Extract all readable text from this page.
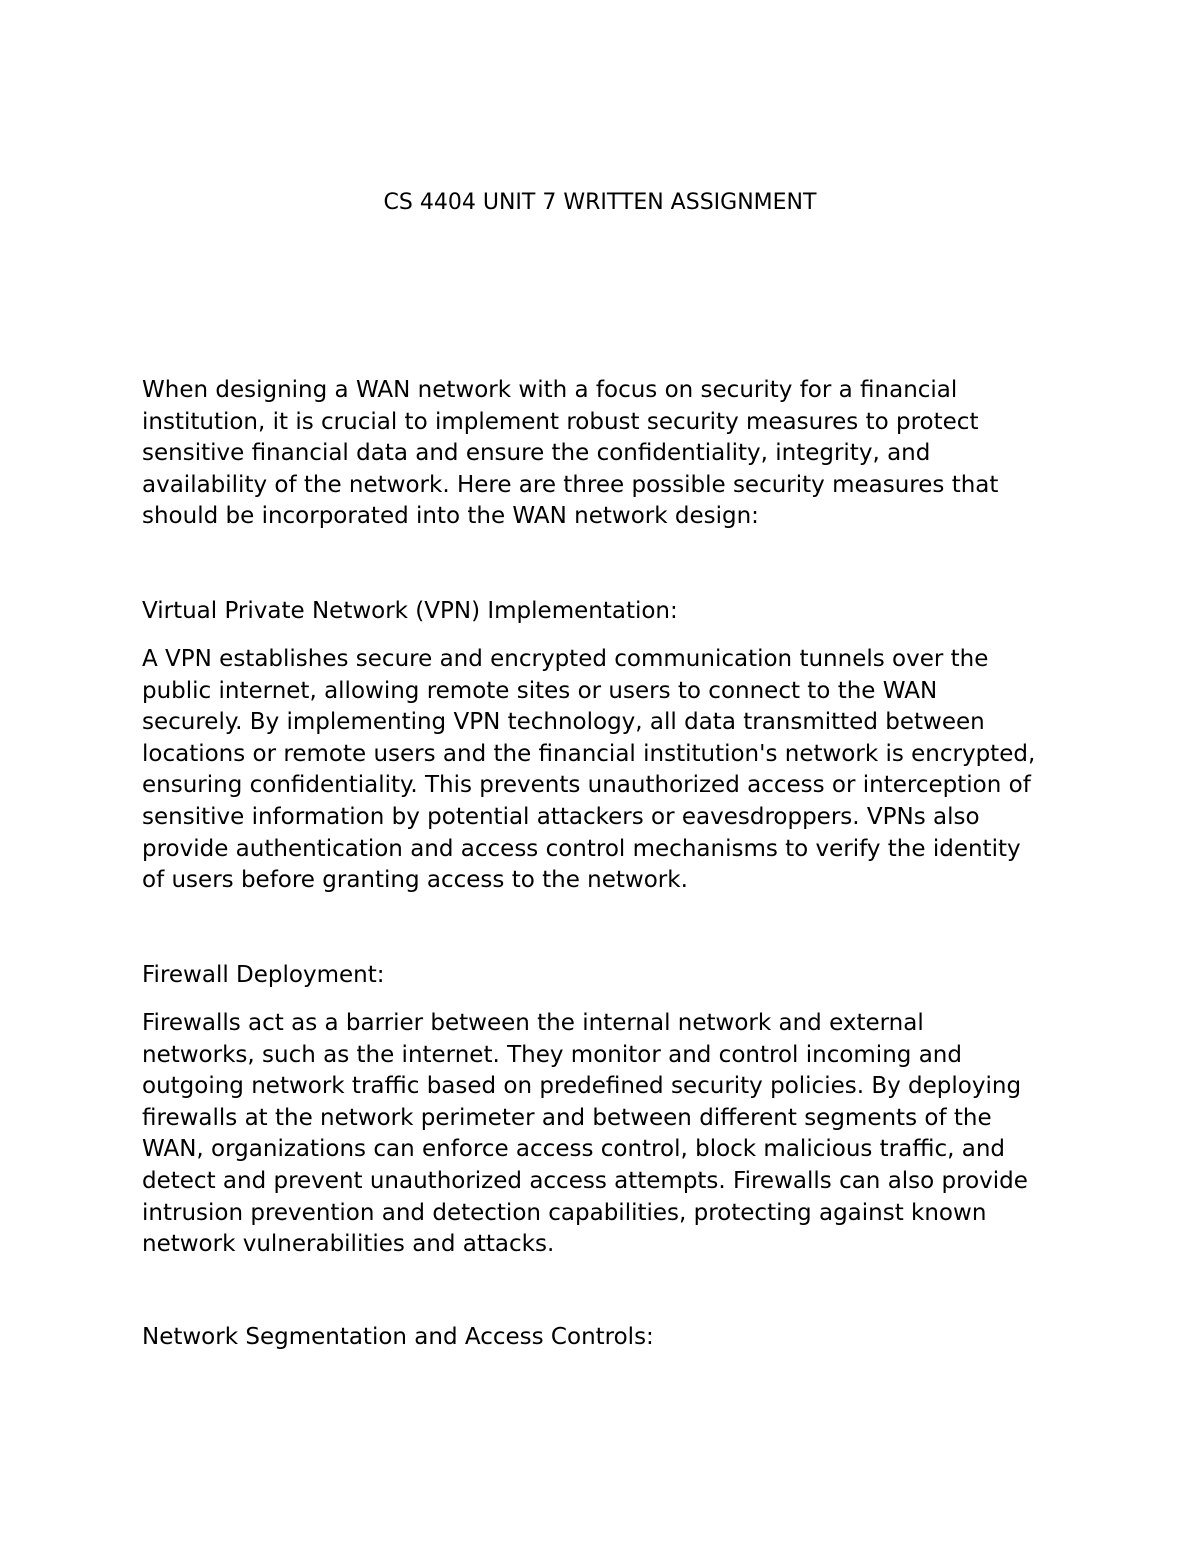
CS 4404 UNIT 7 WRITTEN ASSIGNMENT

When designing a WAN network with a focus on security for a financial
institution, it is crucial to implement robust security measures to protect
sensitive financial data and ensure the confidentiality, integrity, and
availability of the network. Here are three possible security measures that
should be incorporated into the WAN network design:

Virtual Private Network (VPN) Implementation:

A VPN establishes secure and encrypted communication tunnels over the
public internet, allowing remote sites or users to connect to the WAN
securely. By implementing VPN technology, all data transmitted between
locations or remote users and the financial institution's network is encrypted,
ensuring confidentiality. This prevents unauthorized access or interception of
sensitive information by potential attackers or eavesdroppers. VPNs also
provide authentication and access control mechanisms to verify the identity
of users before granting access to the network.

Firewall Deployment:

Firewalls act as a barrier between the internal network and external
networks, such as the internet. They monitor and control incoming and
outgoing network traffic based on predefined security policies. By deploying
firewalls at the network perimeter and between different segments of the
WAN, organizations can enforce access control, block malicious traffic, and
detect and prevent unauthorized access attempts. Firewalls can also provide
intrusion prevention and detection capabilities, protecting against known
network vulnerabilities and attacks.

Network Segmentation and Access Controls:
